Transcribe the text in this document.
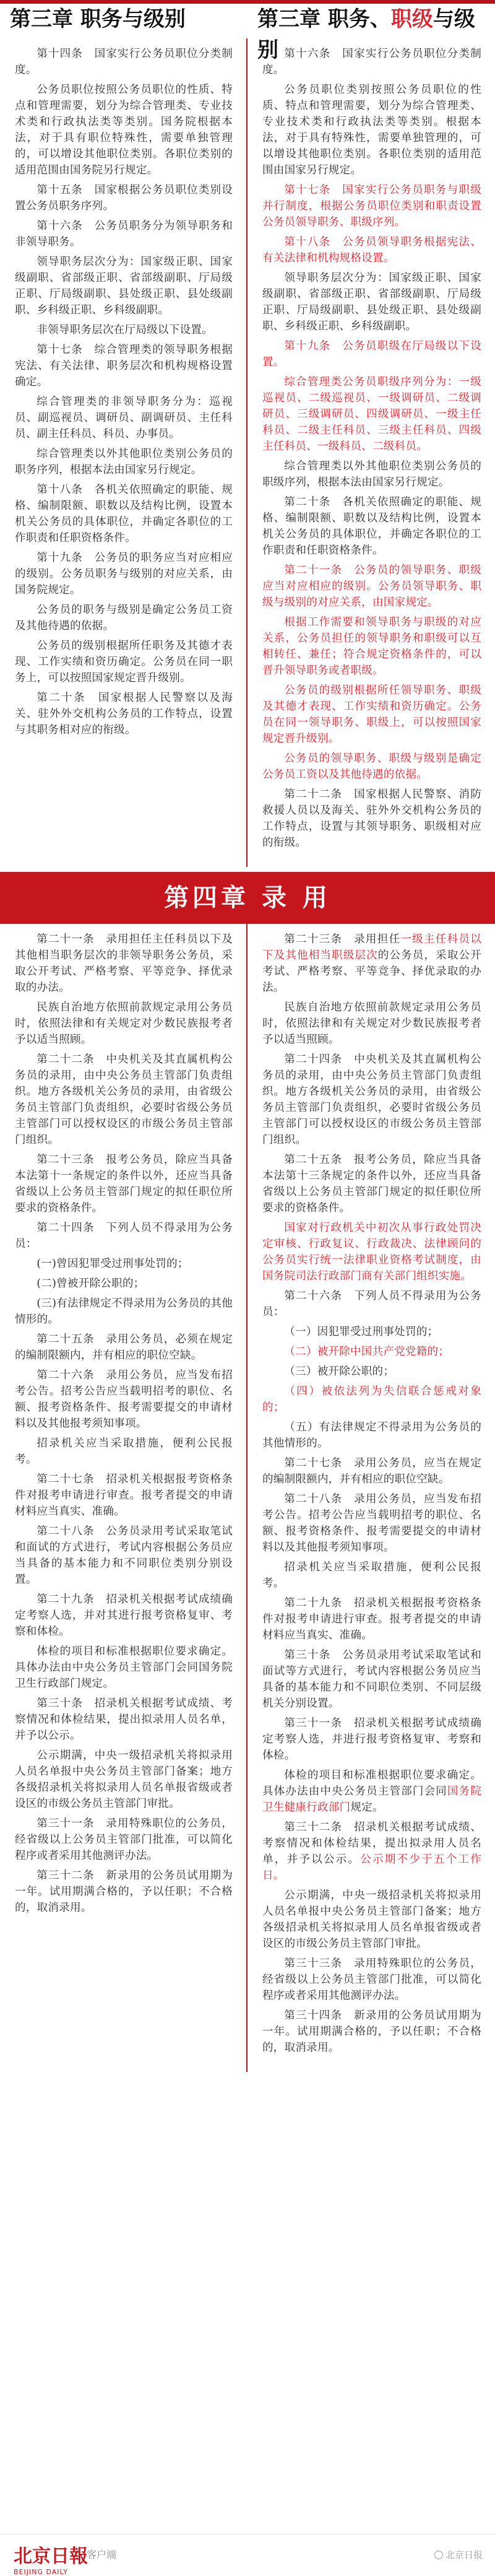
第三章 职务与级别	第三章 职务、职级与级别

第十四条　国家实行公务员职位分类制度。

公务员职位按照公务员职位的性质、特点和管理需要，划分为综合管理类、专业技术类和行政执法类等类别。国务院根据本法，对于具有职位特殊性，需要单独管理的，可以增设其他职位类别。各职位类别的适用范围由国务院另行规定。

第十五条　国家根据公务员职位类别设置公务员职务序列。

第十六条　公务员职务分为领导职务和非领导职务。

领导职务层次分为：国家级正职、国家级副职、省部级正职、省部级副职、厅局级正职、厅局级副职、县处级正职、县处级副职、乡科级正职、乡科级副职。

非领导职务层次在厅局级以下设置。

第十七条　综合管理类的领导职务根据宪法、有关法律、职务层次和机构规格设置确定。

综合管理类的非领导职务分为：巡视员、副巡视员、调研员、副调研员、主任科员、副主任科员、科员、办事员。

综合管理类以外其他职位类别公务员的职务序列，根据本法由国家另行规定。

第十八条　各机关依照确定的职能、规格、编制限额、职数以及结构比例，设置本机关公务员的具体职位，并确定各职位的工作职责和任职资格条件。

第十九条　公务员的职务应当对应相应的级别。公务员职务与级别的对应关系，由国务院规定。

公务员的职务与级别是确定公务员工资及其他待遇的依据。

公务员的级别根据所任职务及其德才表现、工作实绩和资历确定。公务员在同一职务上，可以按照国家规定晋升级别。

第二十条　国家根据人民警察以及海关、驻外外交机构公务员的工作特点，设置与其职务相对应的衔级。

第十六条　国家实行公务员职位分类制度。

公务员职位类别按照公务员职位的性质、特点和管理需要，划分为综合管理类、专业技术类和行政执法类等类别。根据本法，对于具有特殊性，需要单独管理的，可以增设其他职位类别。各职位类别的适用范围由国家另行规定。

第十七条　国家实行公务员职务与职级并行制度，根据公务员职位类别和职责设置公务员领导职务、职级序列。

第十八条　公务员领导职务根据宪法、有关法律和机构规格设置。

领导职务层次分为：国家级正职、国家级副职、省部级正职、省部级副职、厅局级正职、厅局级副职、县处级正职、县处级副职、乡科级正职、乡科级副职。

第十九条　公务员职级在厅局级以下设置。

综合管理类公务员职级序列分为：一级巡视员、二级巡视员、一级调研员、二级调研员、三级调研员、四级调研员、一级主任科员、二级主任科员、三级主任科员、四级主任科员、一级科员、二级科员。

综合管理类以外其他职位类别公务员的职级序列，根据本法由国家另行规定。

第二十条　各机关依照确定的职能、规格、编制限额、职数以及结构比例，设置本机关公务员的具体职位，并确定各职位的工作职责和任职资格条件。

第二十一条　公务员的领导职务、职级应当对应相应的级别。公务员领导职务、职级与级别的对应关系，由国家规定。

根据工作需要和领导职务与职级的对应关系，公务员担任的领导职务和职级可以互相转任、兼任；符合规定资格条件的，可以晋升领导职务或者职级。

公务员的级别根据所任领导职务、职级及其德才表现、工作实绩和资历确定。公务员在同一领导职务、职级上，可以按照国家规定晋升级别。

公务员的领导职务、职级与级别是确定公务员工资以及其他待遇的依据。

第二十二条　国家根据人民警察、消防救援人员以及海关、驻外外交机构公务员的工作特点，设置与其领导职务、职级相对应的衔级。

第四章 录 用

第二十一条　录用担任主任科员以下及其他相当职务层次的非领导职务公务员，采取公开考试、严格考察、平等竞争、择优录取的办法。

民族自治地方依照前款规定录用公务员时，依照法律和有关规定对少数民族报考者予以适当照顾。

第二十二条　中央机关及其直属机构公务员的录用，由中央公务员主管部门负责组织。地方各级机关公务员的录用，由省级公务员主管部门负责组织，必要时省级公务员主管部门可以授权设区的市级公务员主管部门组织。

第二十三条　报考公务员，除应当具备本法第十一条规定的条件以外，还应当具备省级以上公务员主管部门规定的拟任职位所要求的资格条件。

第二十四条　下列人员不得录用为公务员：

(一)曾因犯罪受过刑事处罚的；

(二)曾被开除公职的；

(三)有法律规定不得录用为公务员的其他情形的。

第二十五条　录用公务员，必须在规定的编制限额内，并有相应的职位空缺。

第二十六条　录用公务员，应当发布招考公告。招考公告应当载明招考的职位、名额、报考资格条件、报考需要提交的申请材料以及其他报考须知事项。

招录机关应当采取措施，便利公民报考。

第二十七条　招录机关根据报考资格条件对报考申请进行审查。报考者提交的申请材料应当真实、准确。

第二十八条　公务员录用考试采取笔试和面试的方式进行，考试内容根据公务员应当具备的基本能力和不同职位类别分别设置。

第二十九条　招录机关根据考试成绩确定考察人选，并对其进行报考资格复审、考察和体检。

体检的项目和标准根据职位要求确定。具体办法由中央公务员主管部门会同国务院卫生行政部门规定。

第三十条　招录机关根据考试成绩、考察情况和体检结果，提出拟录用人员名单，并予以公示。

公示期满，中央一级招录机关将拟录用人员名单报中央公务员主管部门备案；地方各级招录机关将拟录用人员名单报省级或者设区的市级公务员主管部门审批。

第三十一条　录用特殊职位的公务员，经省级以上公务员主管部门批准，可以简化程序或者采用其他测评办法。

第三十二条　新录用的公务员试用期为一年。试用期满合格的，予以任职；不合格的，取消录用。

第二十三条　录用担任一级主任科员以下及其他相当职级层次的公务员，采取公开考试、严格考察、平等竞争、择优录取的办法。

民族自治地方依照前款规定录用公务员时，依照法律和有关规定对少数民族报考者予以适当照顾。

第二十四条　中央机关及其直属机构公务员的录用，由中央公务员主管部门负责组织。地方各级机关公务员的录用，由省级公务员主管部门负责组织，必要时省级公务员主管部门可以授权设区的市级公务员主管部门组织。

第二十五条　报考公务员，除应当具备本法第十三条规定的条件以外，还应当具备省级以上公务员主管部门规定的拟任职位所要求的资格条件。

国家对行政机关中初次从事行政处罚决定审核、行政复议、行政裁决、法律顾问的公务员实行统一法律职业资格考试制度，由国务院司法行政部门商有关部门组织实施。

第二十六条　下列人员不得录用为公务员：

（一）因犯罪受过刑事处罚的；

（二）被开除中国共产党党籍的；

（三）被开除公职的；

（四）被依法列为失信联合惩戒对象的；

（五）有法律规定不得录用为公务员的其他情形的。

第二十七条　录用公务员，应当在规定的编制限额内，并有相应的职位空缺。

第二十八条　录用公务员，应当发布招考公告。招考公告应当载明招考的职位、名额、报考资格条件、报考需要提交的申请材料以及其他报考须知事项。

招录机关应当采取措施，便利公民报考。

第二十九条　招录机关根据报考资格条件对报考申请进行审查。报考者提交的申请材料应当真实、准确。

第三十条　公务员录用考试采取笔试和面试等方式进行，考试内容根据公务员应当具备的基本能力和不同职位类别、不同层级机关分别设置。

第三十一条　招录机关根据考试成绩确定考察人选，并进行报考资格复审、考察和体检。

体检的项目和标准根据职位要求确定。具体办法由中央公务员主管部门会同国务院卫生健康行政部门规定。

第三十二条　招录机关根据考试成绩、考察情况和体检结果，提出拟录用人员名单，并予以公示。公示期不少于五个工作日。

公示期满，中央一级招录机关将拟录用人员名单报中央公务员主管部门备案；地方各级招录机关将拟录用人员名单报省级或者设区的市级公务员主管部门审批。

第三十三条　录用特殊职位的公务员，经省级以上公务员主管部门批准，可以简化程序或者采用其他测评办法。

第三十四条　新录用的公务员试用期为一年。试用期满合格的，予以任职；不合格的，取消录用。

北京日報
BEIJING DAILY
客户端	北京日报
